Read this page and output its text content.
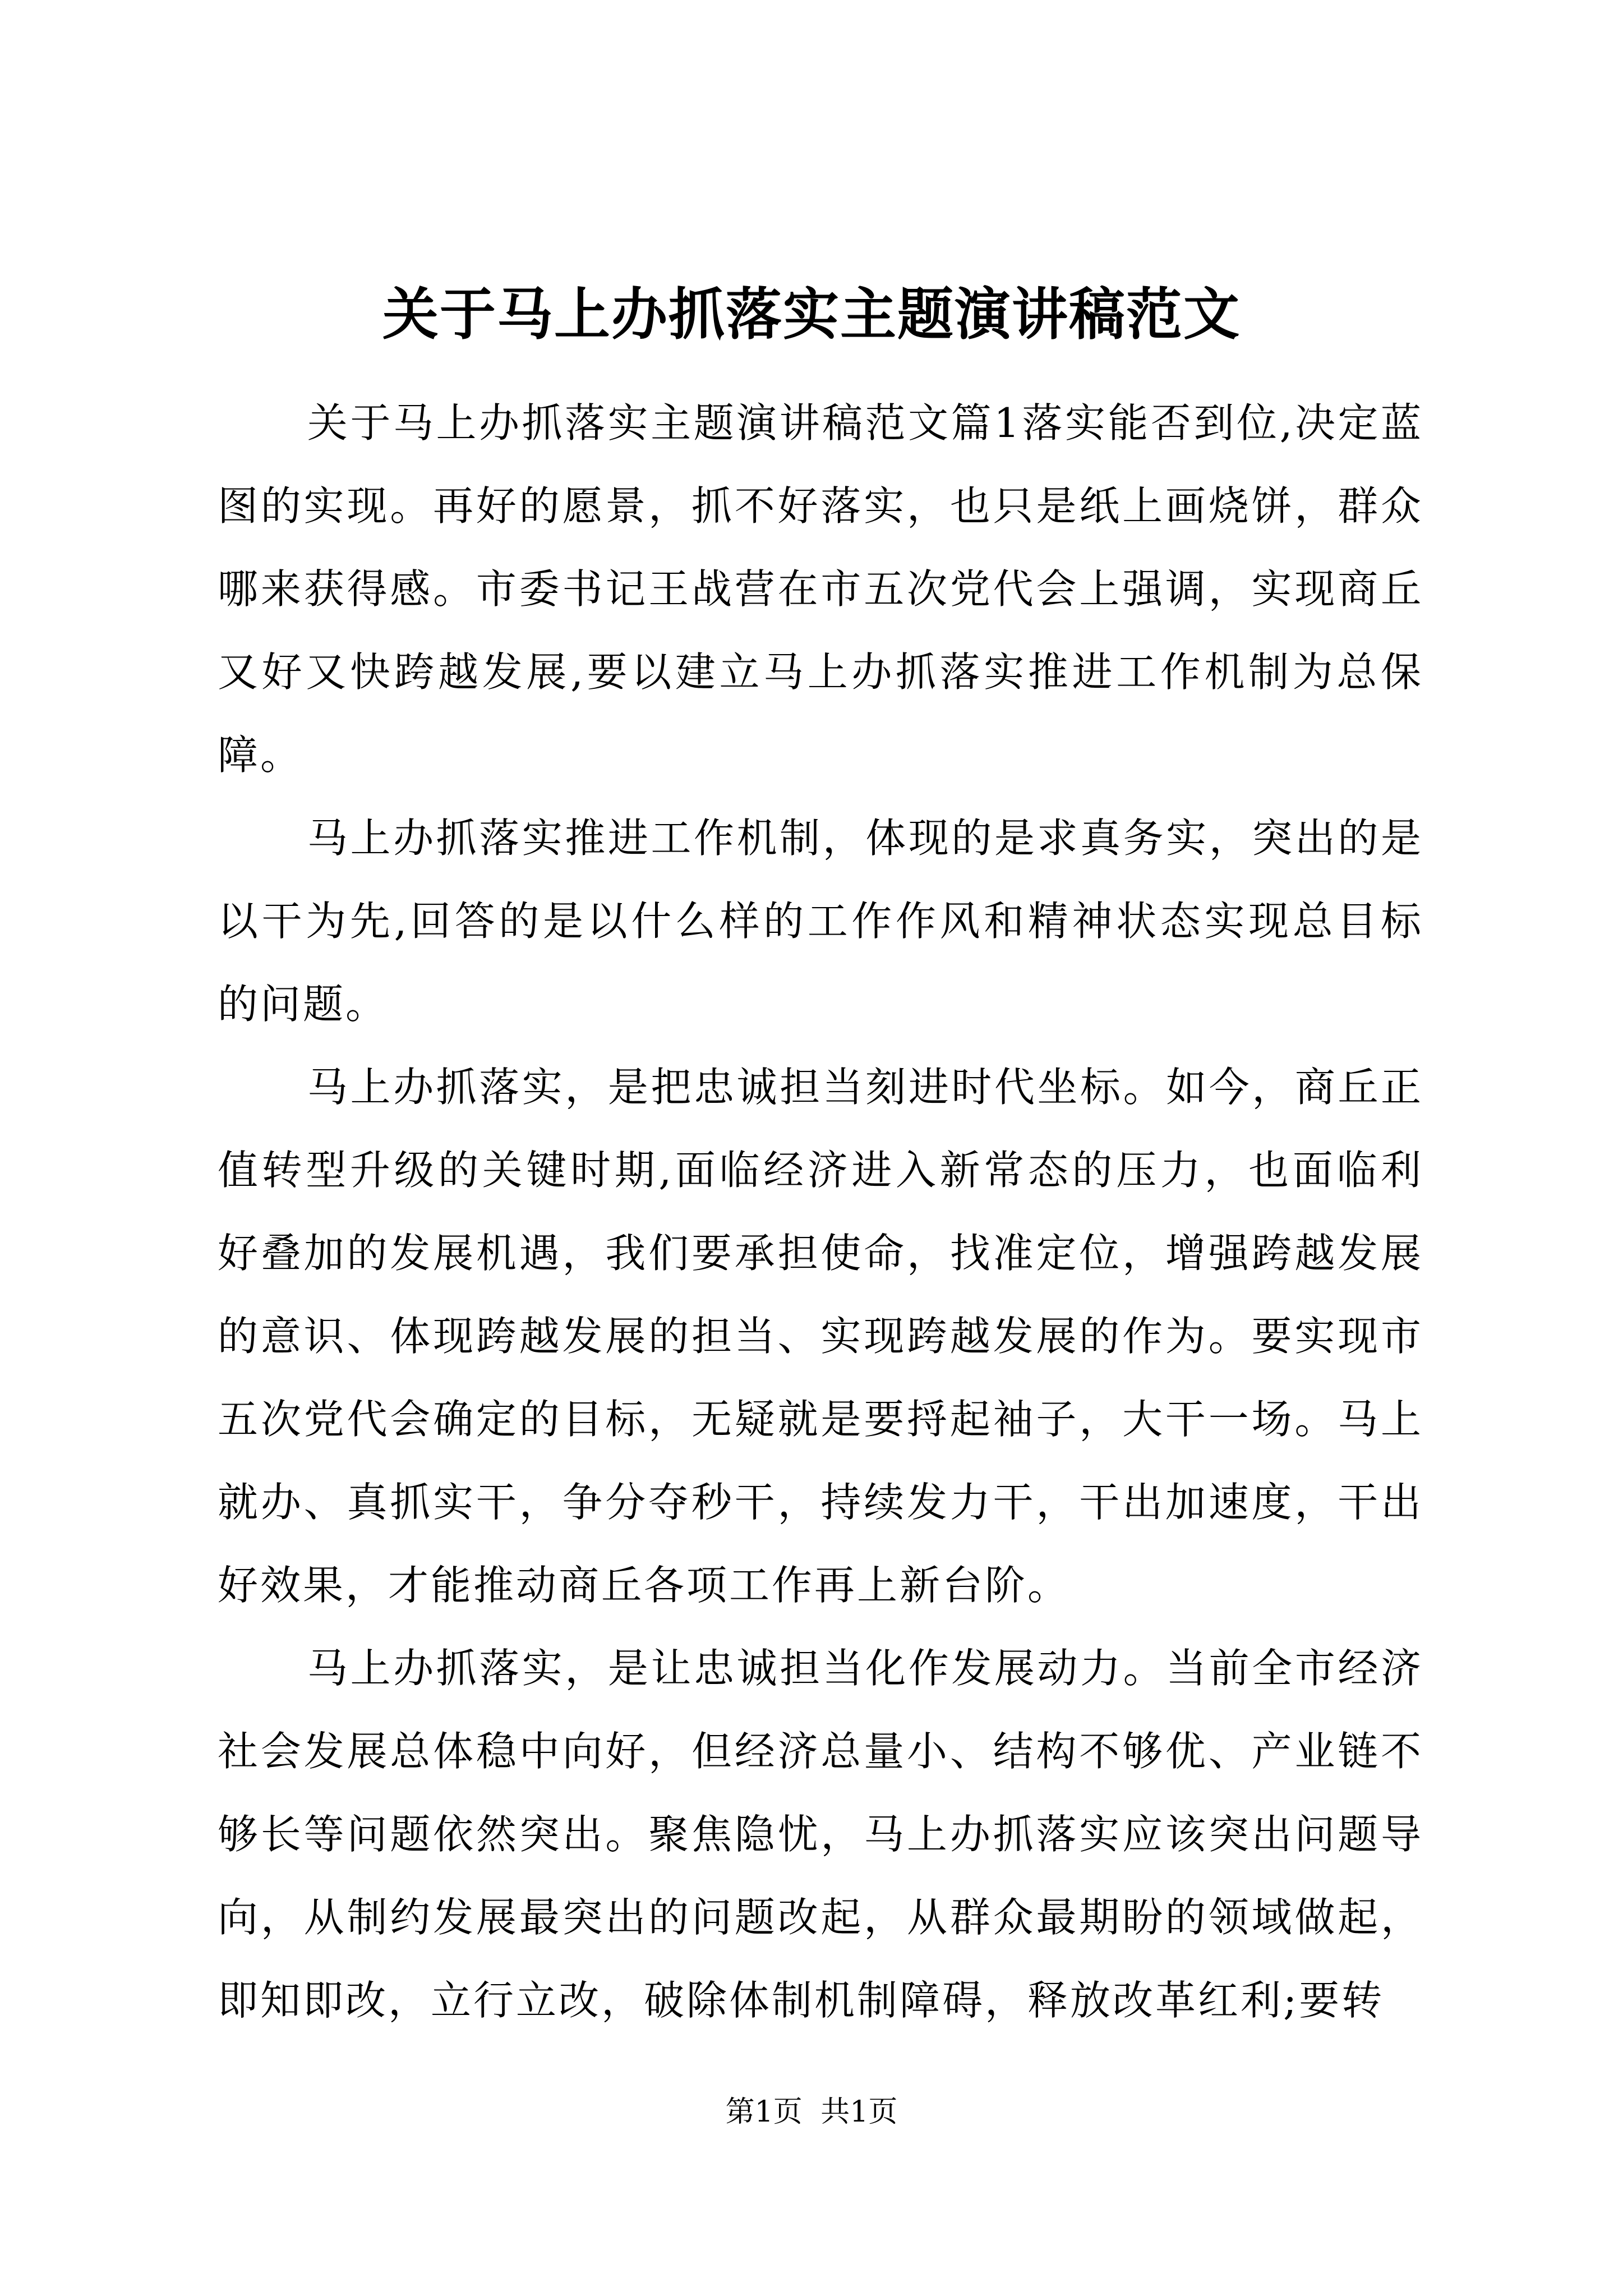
关于马上办抓落实主题演讲稿范文

关于马上办抓落实主题演讲稿范文篇1落实能否到位,决定蓝图的实现。再好的愿景，抓不好落实，也只是纸上画烧饼，群众哪来获得感。市委书记王战营在市五次党代会上强调，实现商丘又好又快跨越发展,要以建立马上办抓落实推进工作机制为总保障。

马上办抓落实推进工作机制，体现的是求真务实，突出的是以干为先,回答的是以什么样的工作作风和精神状态实现总目标的问题。

马上办抓落实，是把忠诚担当刻进时代坐标。如今，商丘正值转型升级的关键时期,面临经济进入新常态的压力，也面临利好叠加的发展机遇，我们要承担使命，找准定位，增强跨越发展的意识、体现跨越发展的担当、实现跨越发展的作为。要实现市五次党代会确定的目标，无疑就是要捋起袖子，大干一场。马上就办、真抓实干，争分夺秒干，持续发力干，干出加速度，干出好效果，才能推动商丘各项工作再上新台阶。

马上办抓落实，是让忠诚担当化作发展动力。当前全市经济社会发展总体稳中向好，但经济总量小、结构不够优、产业链不够长等问题依然突出。聚焦隐忧，马上办抓落实应该突出问题导向，从制约发展最突出的问题改起，从群众最期盼的领域做起，即知即改，立行立改，破除体制机制障碍，释放改革红利;要转

第1页 共1页
